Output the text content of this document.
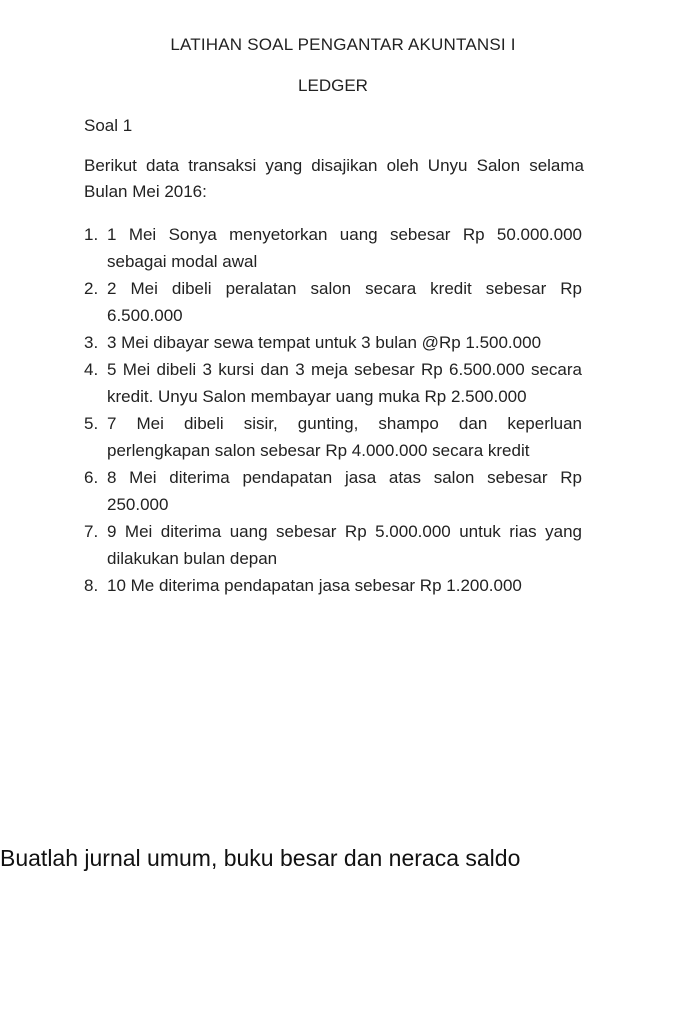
LATIHAN SOAL PENGANTAR AKUNTANSI I
LEDGER
Soal 1
Berikut data transaksi yang disajikan oleh Unyu Salon selama Bulan Mei 2016:
1. 1 Mei Sonya menyetorkan uang sebesar Rp 50.000.000 sebagai modal awal
2. 2 Mei dibeli peralatan salon secara kredit sebesar Rp 6.500.000
3. 3 Mei dibayar sewa tempat untuk 3 bulan @Rp 1.500.000
4. 5 Mei dibeli 3 kursi dan 3 meja sebesar Rp 6.500.000 secara kredit. Unyu Salon membayar uang muka Rp 2.500.000
5. 7 Mei dibeli sisir, gunting, shampo dan keperluan perlengkapan salon sebesar Rp 4.000.000 secara kredit
6. 8 Mei diterima pendapatan jasa atas salon sebesar Rp 250.000
7. 9 Mei diterima uang sebesar Rp 5.000.000 untuk rias yang dilakukan bulan depan
8. 10 Me diterima pendapatan jasa sebesar Rp 1.200.000
Buatlah jurnal umum, buku besar dan neraca saldo
